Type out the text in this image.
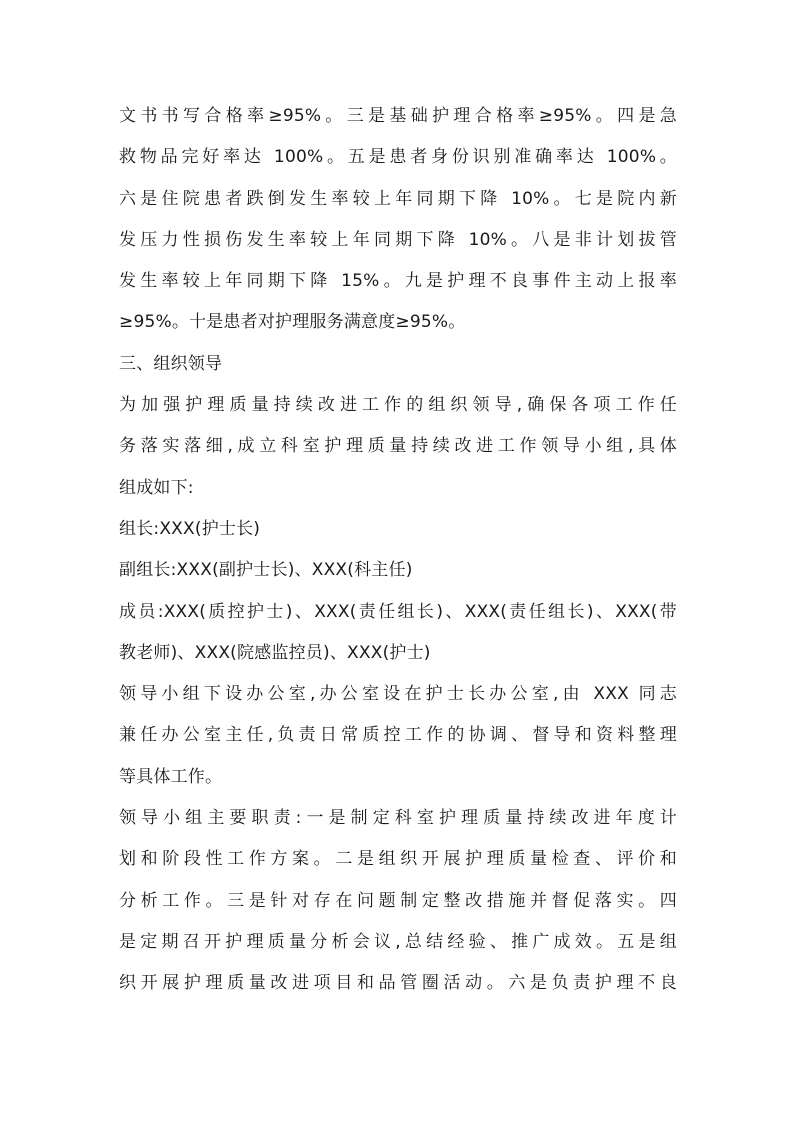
文书书写合格率≥95%。三是基础护理合格率≥95%。四是急
救物品完好率达 100%。五是患者身份识别准确率达 100%。
六是住院患者跌倒发生率较上年同期下降 10%。七是院内新
发压力性损伤发生率较上年同期下降 10%。八是非计划拔管
发生率较上年同期下降 15%。九是护理不良事件主动上报率
≥95%。十是患者对护理服务满意度≥95%。
三、组织领导
为加强护理质量持续改进工作的组织领导,确保各项工作任
务落实落细,成立科室护理质量持续改进工作领导小组,具体
组成如下:
组长:XXX(护士长)
副组长:XXX(副护士长)、XXX(科主任)
成员:XXX(质控护士)、XXX(责任组长)、XXX(责任组长)、XXX(带
教老师)、XXX(院感监控员)、XXX(护士)
领导小组下设办公室,办公室设在护士长办公室,由 XXX 同志
兼任办公室主任,负责日常质控工作的协调、督导和资料整理
等具体工作。
领导小组主要职责:一是制定科室护理质量持续改进年度计
划和阶段性工作方案。二是组织开展护理质量检查、评价和
分析工作。三是针对存在问题制定整改措施并督促落实。四
是定期召开护理质量分析会议,总结经验、推广成效。五是组
织开展护理质量改进项目和品管圈活动。六是负责护理不良
